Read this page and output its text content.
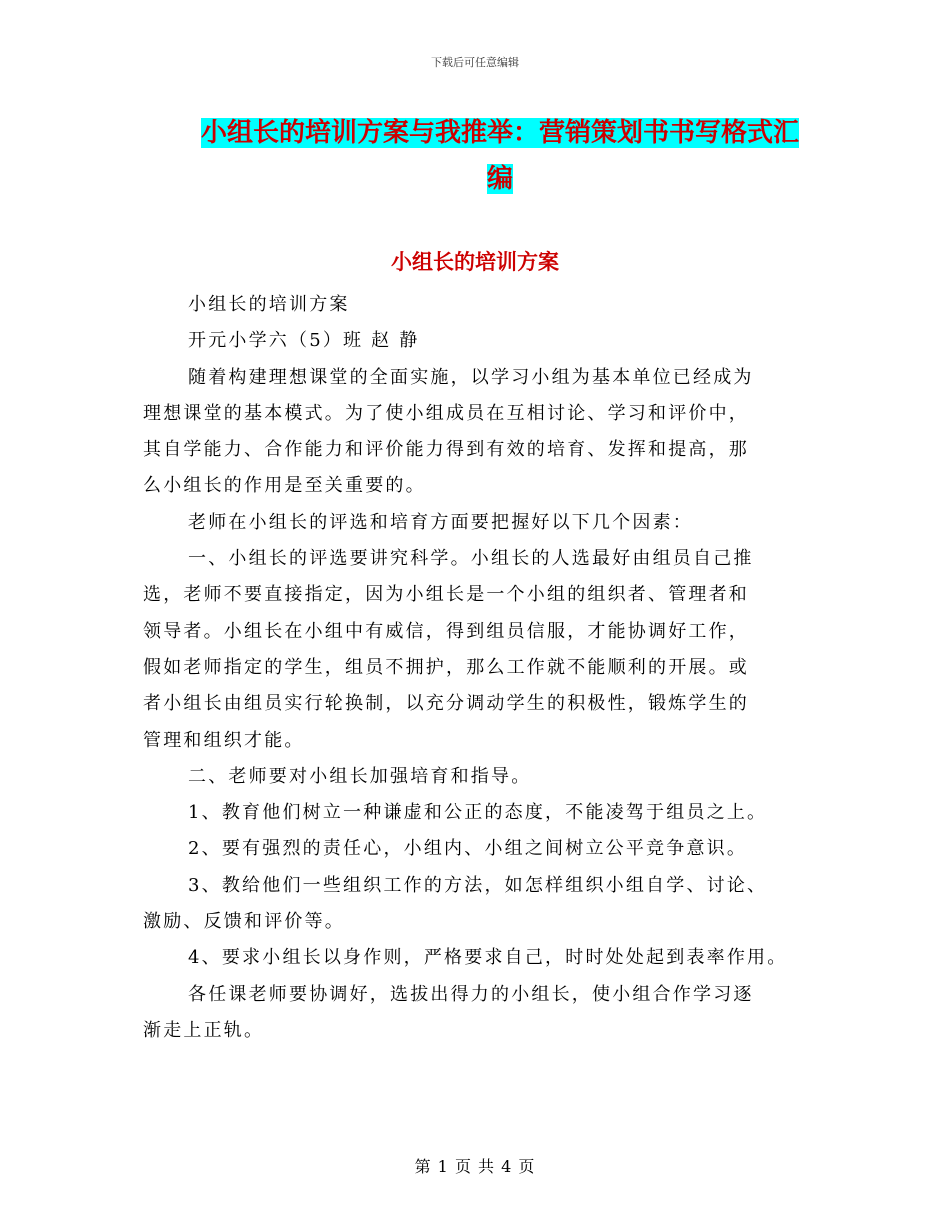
下载后可任意编辑
小组长的培训方案与我推举：营销策划书书写格式汇
编
小组长的培训方案

小组长的培训方案

开元小学六（5）班 赵 静

随着构建理想课堂的全面实施，以学习小组为基本单位已经成为

理想课堂的基本模式。为了使小组成员在互相讨论、学习和评价中，

其自学能力、合作能力和评价能力得到有效的培育、发挥和提高，那

么小组长的作用是至关重要的。

老师在小组长的评选和培育方面要把握好以下几个因素：

一、小组长的评选要讲究科学。小组长的人选最好由组员自己推

选，老师不要直接指定，因为小组长是一个小组的组织者、管理者和

领导者。小组长在小组中有威信，得到组员信服，才能协调好工作，

假如老师指定的学生，组员不拥护，那么工作就不能顺利的开展。或

者小组长由组员实行轮换制，以充分调动学生的积极性，锻炼学生的

管理和组织才能。

二、老师要对小组长加强培育和指导。

1、教育他们树立一种谦虚和公正的态度，不能凌驾于组员之上。

2、要有强烈的责任心，小组内、小组之间树立公平竞争意识。

3、教给他们一些组织工作的方法，如怎样组织小组自学、讨论、

激励、反馈和评价等。

4、要求小组长以身作则，严格要求自己，时时处处起到表率作用。

各任课老师要协调好，选拔出得力的小组长，使小组合作学习逐

渐走上正轨。

第 1 页 共 4 页
